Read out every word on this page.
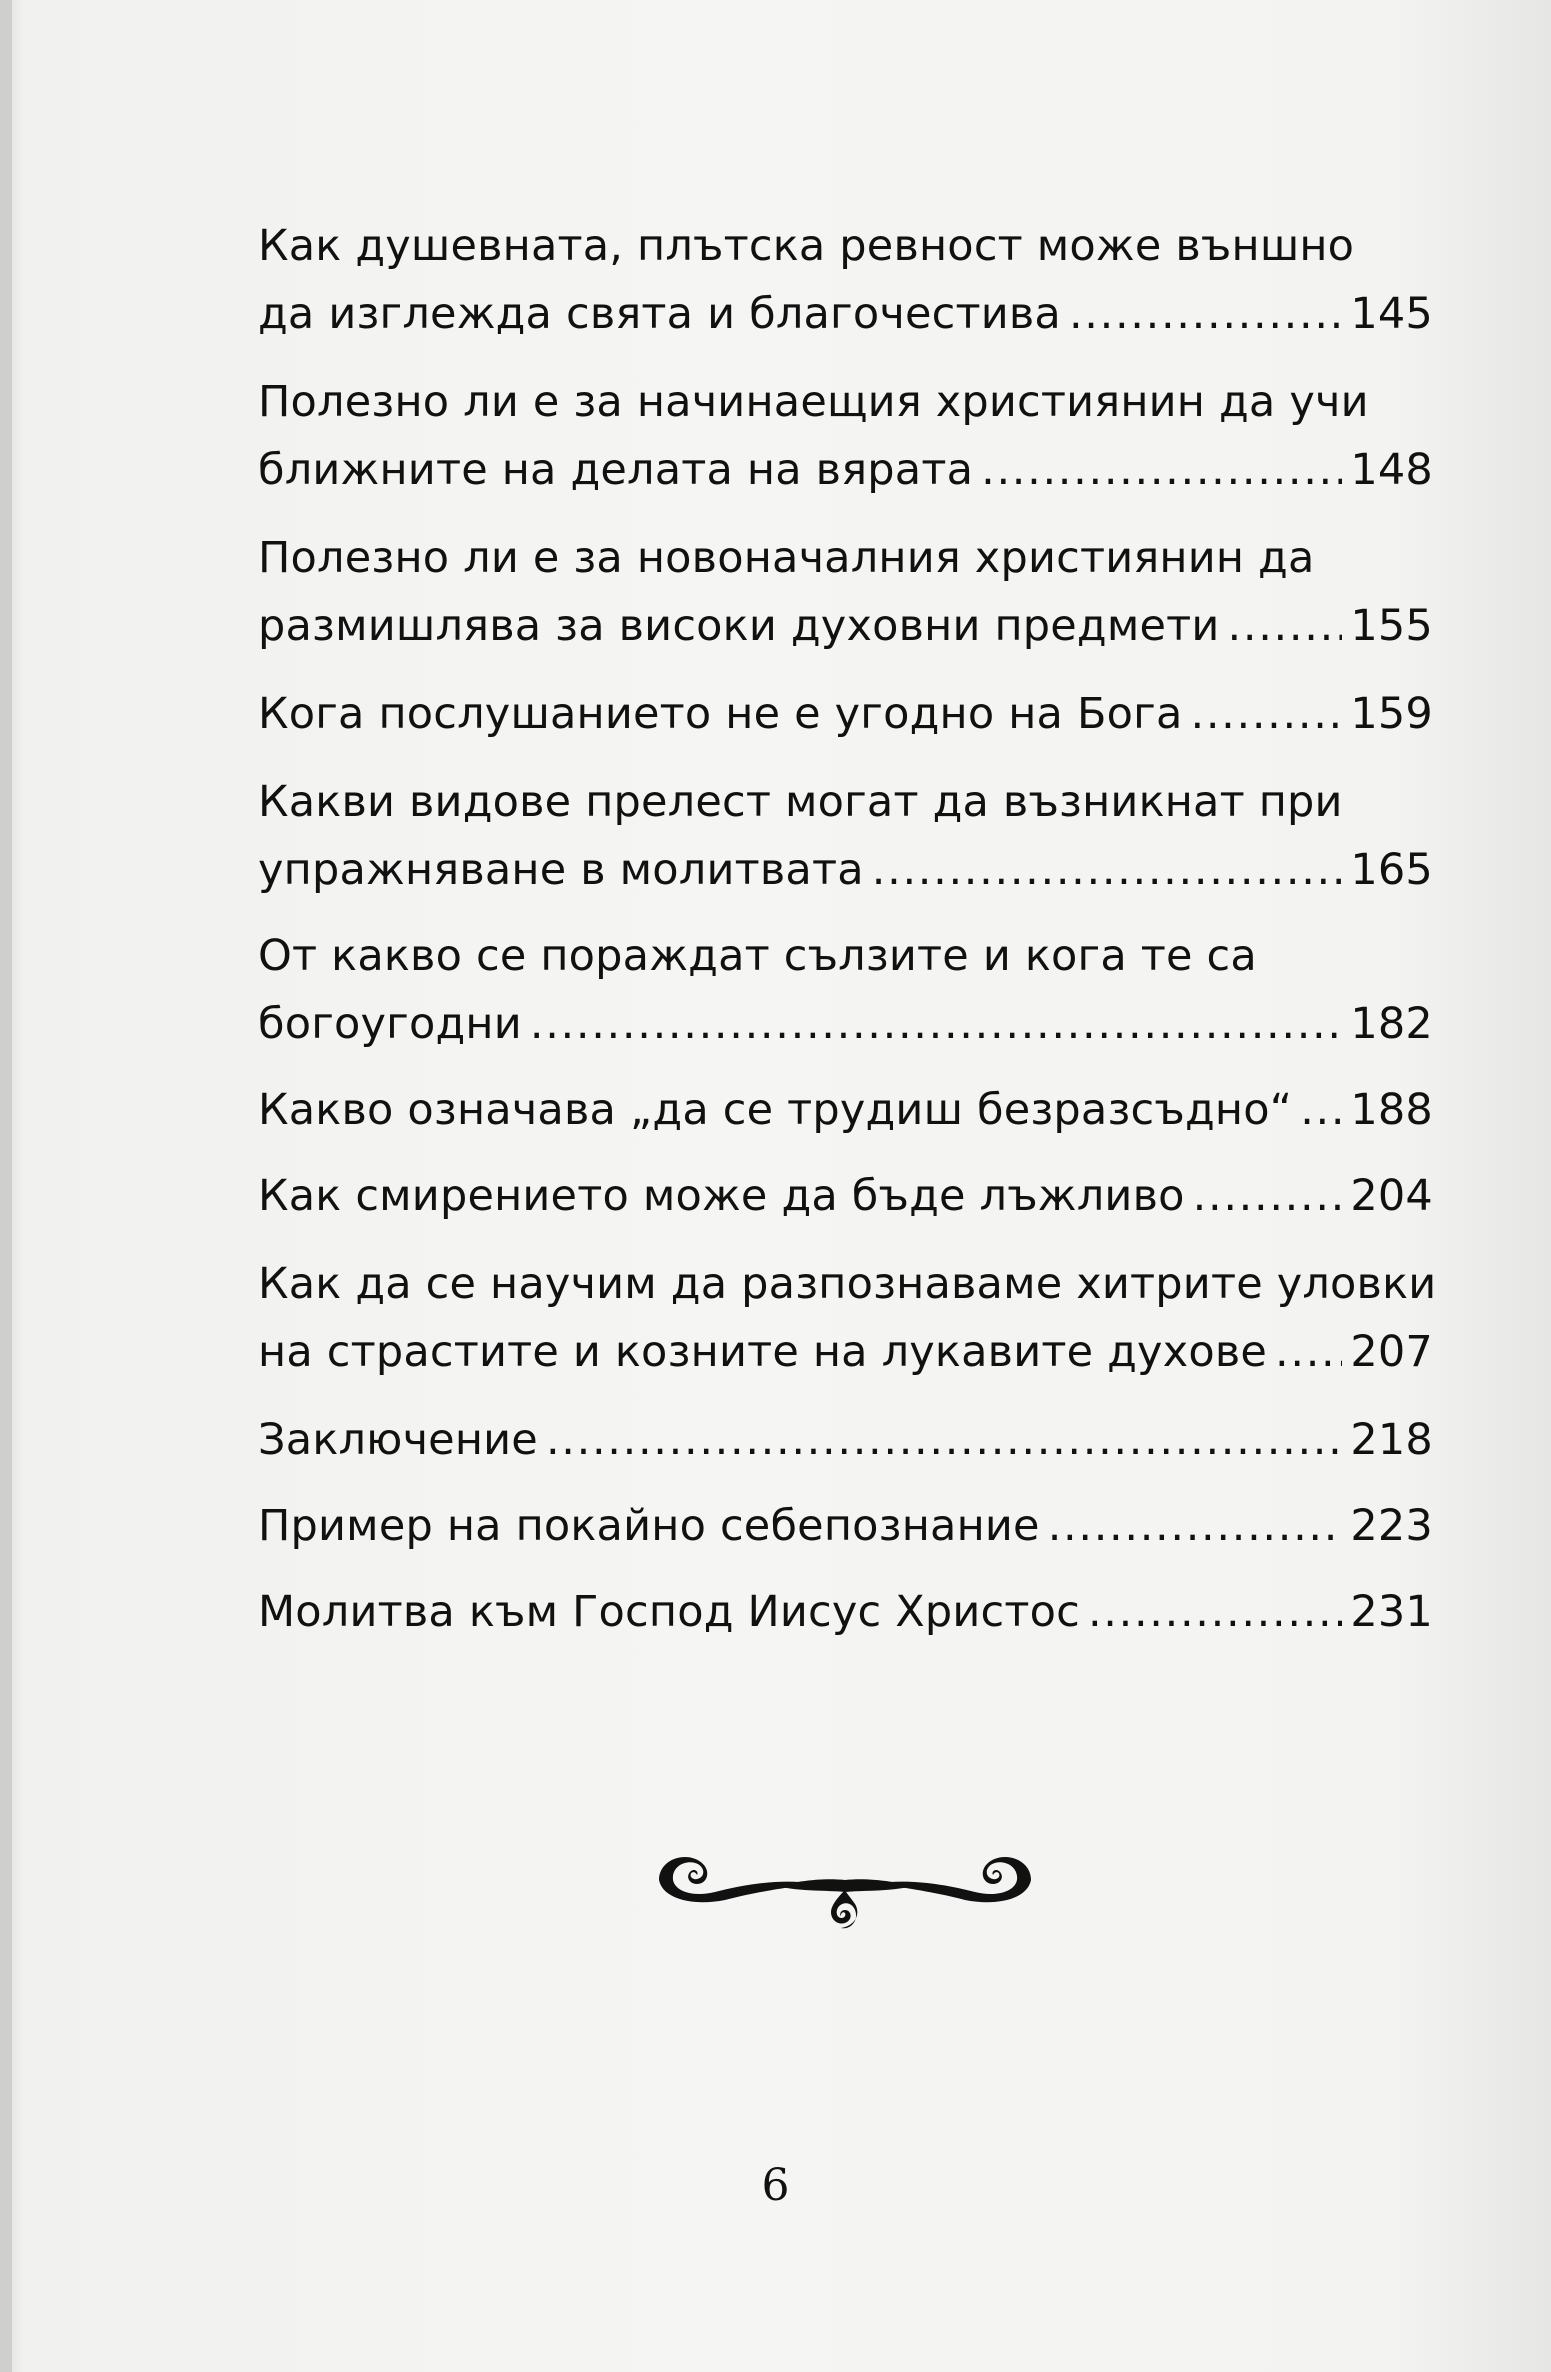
Как душевната, плътска ревност може външно
да изглежда свята и благочестива . . .	145
Полезно ли е за начинаещия християнин да учи
ближните на делата на вярата . . .	148
Полезно ли е за новоначалния християнин да
размишлява за високи духовни предмети . . .	155
Кога послушанието не е угодно на Бога . . .	159
Какви видове прелест могат да възникнат при
упражняване в молитвата . . .	165
От какво се пораждат сълзите и кога те са
богоугодни . . .	182
Какво означава „да се трудиш безразсъдно“ . . . 188
Как смирението може да бъде лъжливо . . .	204
Как да се научим да разпознаваме хитрите уловки
на страстите и козните на лукавите духове . . . 207
Заключение . . .	218
Пример на покайно себепознание . . .	223
Молитва към Господ Иисус Христос . . .	231
6
